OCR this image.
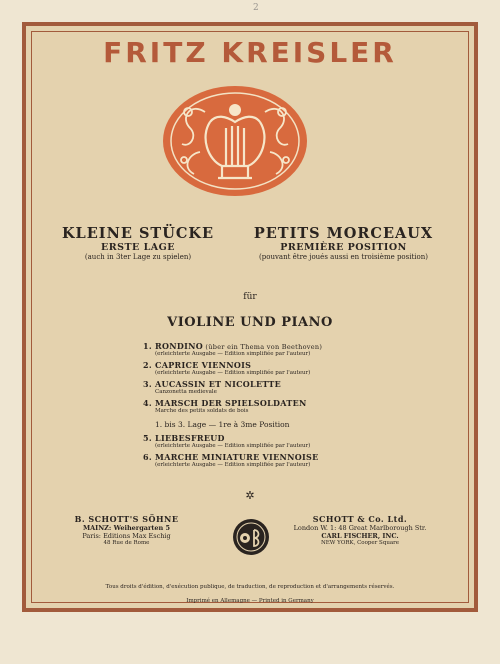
2
FRITZ KREISLER
KLEINE STÜCKE
ERSTE LAGE
(auch in 3ter Lage zu spielen)
PETITS MORCEAUX
PREMIÈRE POSITION
(pouvant être joués aussi en troisième position)
für
VIOLINE UND PIANO
1. RONDINO (über ein Thema von Beethoven)
(erleichterte Ausgabe — Edition simplifiée par l'auteur)
2. CAPRICE VIENNOIS
(erleichterte Ausgabe — Edition simplifiée par l'auteur)
3. AUCASSIN ET NICOLETTE
Canzonetta medievale
4. MARSCH DER SPIELSOLDATEN
Marche des petits soldats de bois
1. bis 3. Lage — 1re à 3me Position
5. LIEBESFREUD
(erleichterte Ausgabe — Edition simplifiée par l'auteur)
6. MARCHE MINIATURE VIENNOISE
(erleichterte Ausgabe — Edition simplifiée par l'auteur)
✲
B. SCHOTT'S SÖHNE
MAINZ: Weihergarten 5
Paris: Editions Max Eschig
48 Rue de Rome
SCHOTT & Co. Ltd.
London W. 1: 48 Great Marlborough Str.
CARL FISCHER, INC.
NEW YORK, Cooper Square
Tous droits d'édition, d'exécution publique, de traduction, de reproduction et d'arrangements réservés.
Imprimé en Allemagne — Printed in Germany
